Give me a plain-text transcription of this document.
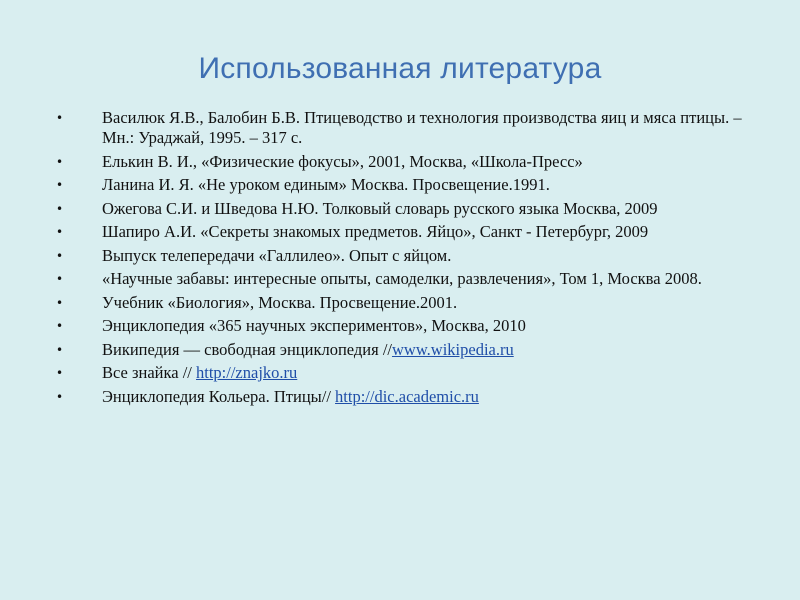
Использованная литература
•	Василюк Я.В., Балобин Б.В. Птицеводство и технология производства яиц и мяса птицы. – Мн.: Ураджай, 1995. – 317 с.
•	Елькин В. И., «Физические фокусы», 2001, Москва, «Школа-Пресс»
•	Ланина И. Я. «Не уроком единым» Москва. Просвещение.1991.
•	Ожегова С.И. и Шведова Н.Ю. Толковый словарь русского языка Москва, 2009
•	Шапиро А.И. «Секреты знакомых предметов. Яйцо», Санкт - Петербург, 2009
•	Выпуск телепередачи «Галлилео». Опыт с яйцом.
•	«Научные забавы: интересные опыты, самоделки, развлечения», Том 1, Москва 2008.
•	Учебник «Биология», Москва. Просвещение.2001.
•	Энциклопедия «365 научных экспериментов», Москва, 2010
•	Википедия — свободная энциклопедия //www.wikipedia.ru
•	Все знайка // http://znajko.ru
•	Энциклопедия Кольера. Птицы// http://dic.academic.ru
